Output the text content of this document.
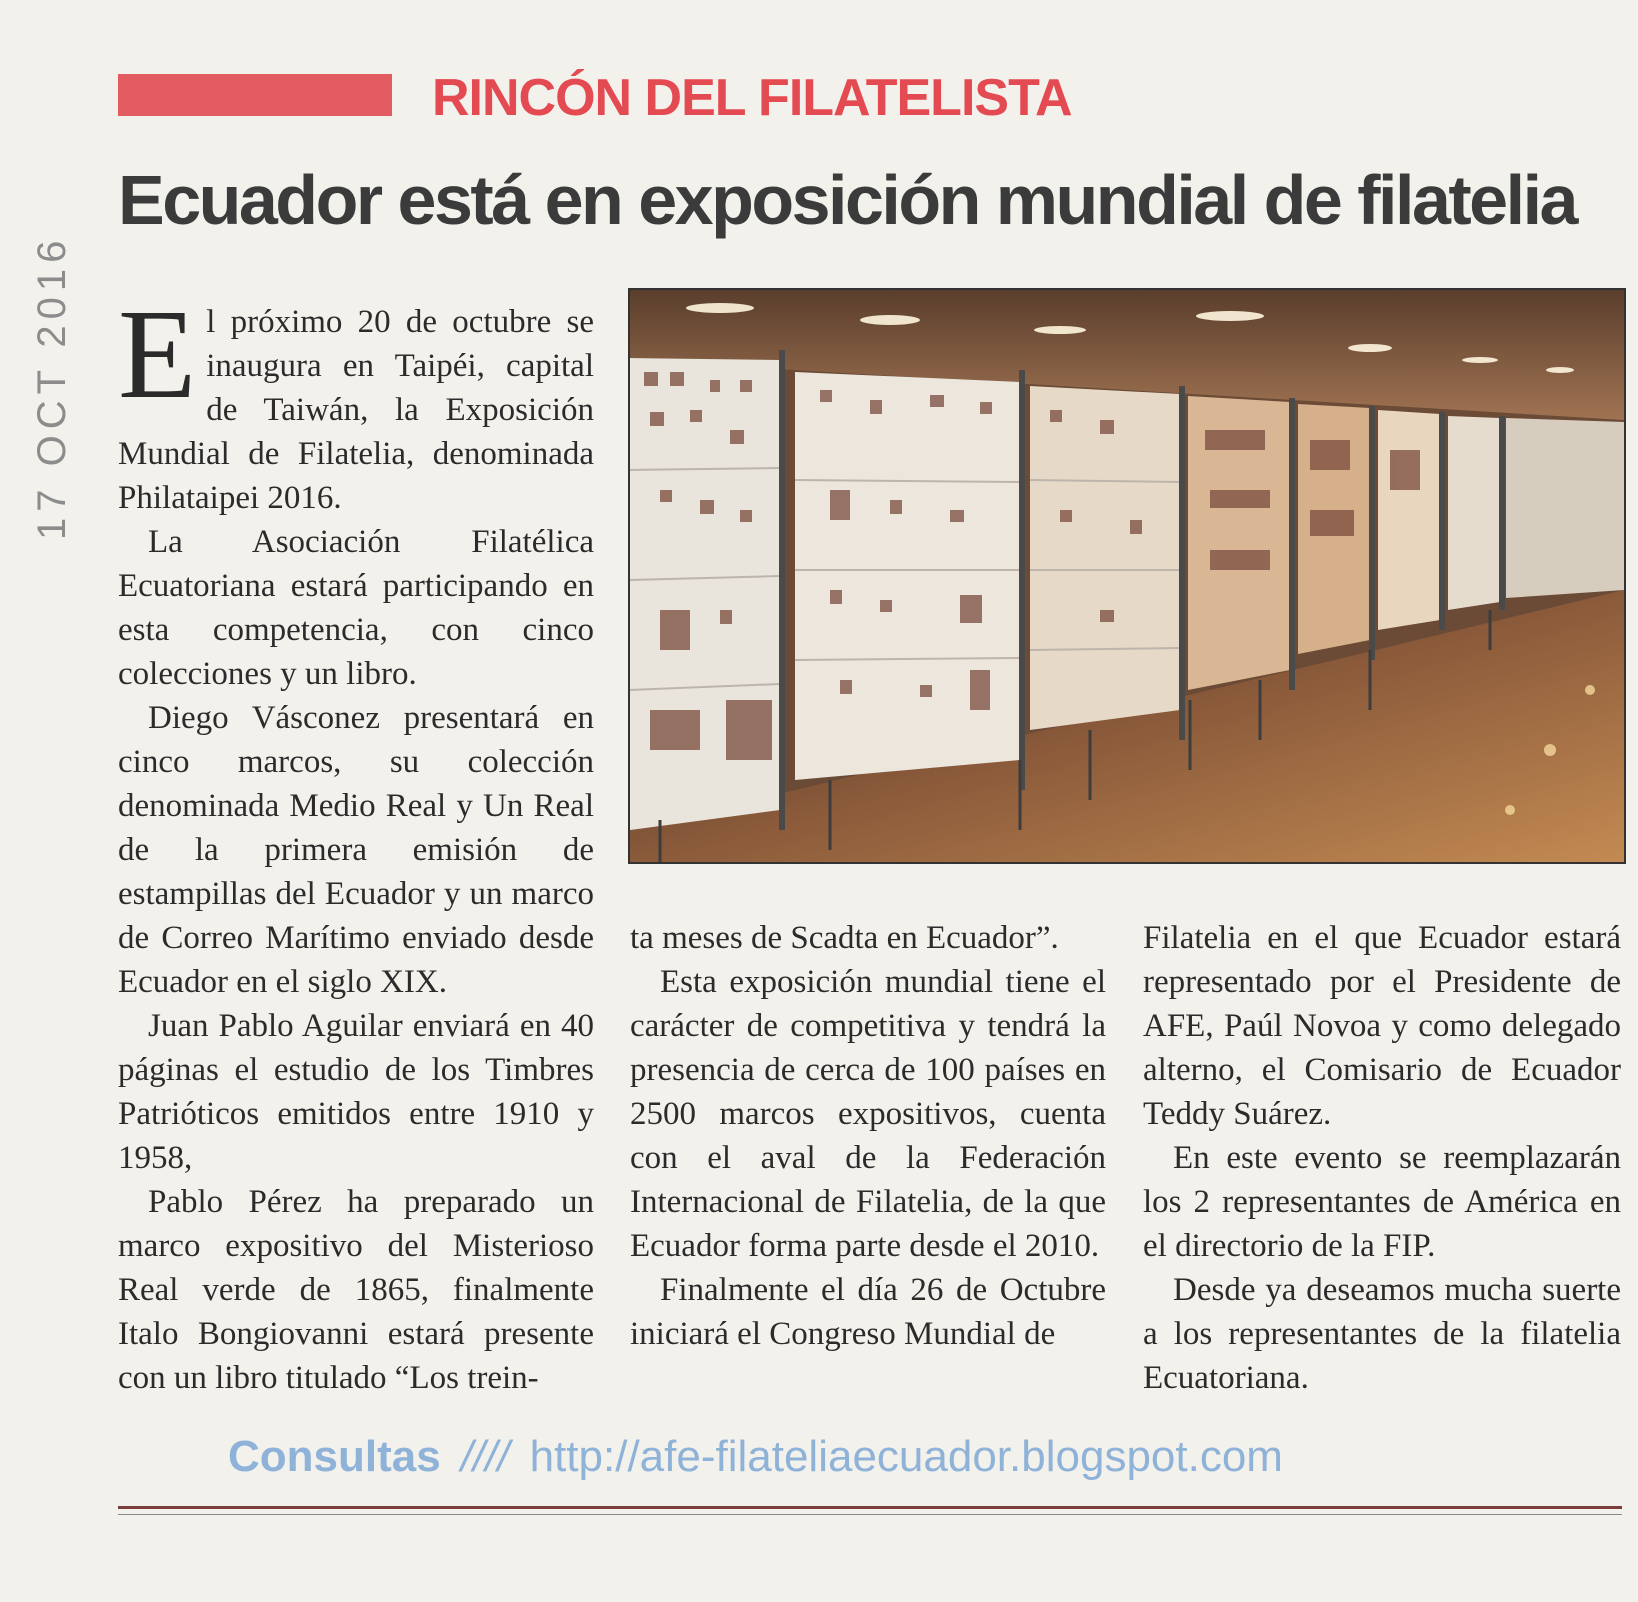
17 OCT 2016
RINCÓN DEL FILATELISTA
Ecuador está en exposición mundial de filatelia

El próximo 20 de octubre se inaugura en Taipéi, capital de Taiwán, la Exposición Mundial de Filatelia, denominada Philataipei 2016.

La Asociación Filatélica Ecuatoriana estará participando en esta competencia, con cinco colecciones y un libro.

Diego Vásconez presentará en cinco marcos, su colección denominada Medio Real y Un Real de la primera emisión de estampillas del Ecuador y un marco de Correo Marítimo enviado desde Ecuador en el siglo XIX.

Juan Pablo Aguilar enviará en 40 páginas el estudio de los Timbres Patrióticos emitidos entre 1910 y 1958,

Pablo Pérez ha preparado un marco expositivo del Misterioso Real verde de 1865, finalmente Italo Bongiovanni estará presente con un libro titulado “Los trein-

ta meses de Scadta en Ecuador”.

Esta exposición mundial tiene el carácter de competitiva y tendrá la presencia de cerca de 100 países en 2500 marcos expositivos, cuenta con el aval de la Federación Internacional de Filatelia, de la que Ecuador forma parte desde el 2010.

Finalmente el día 26 de Octubre iniciará el Congreso Mundial de

Filatelia en el que Ecuador estará representado por el Presidente de AFE, Paúl Novoa y como delegado alterno, el Comisario de Ecuador Teddy Suárez.

En este evento se reemplazarán los 2 representantes de América en el directorio de la FIP.

Desde ya deseamos mucha suerte a los representantes de la filatelia Ecuatoriana.

Consultas //// http://afe-filateliaecuador.blogspot.com
